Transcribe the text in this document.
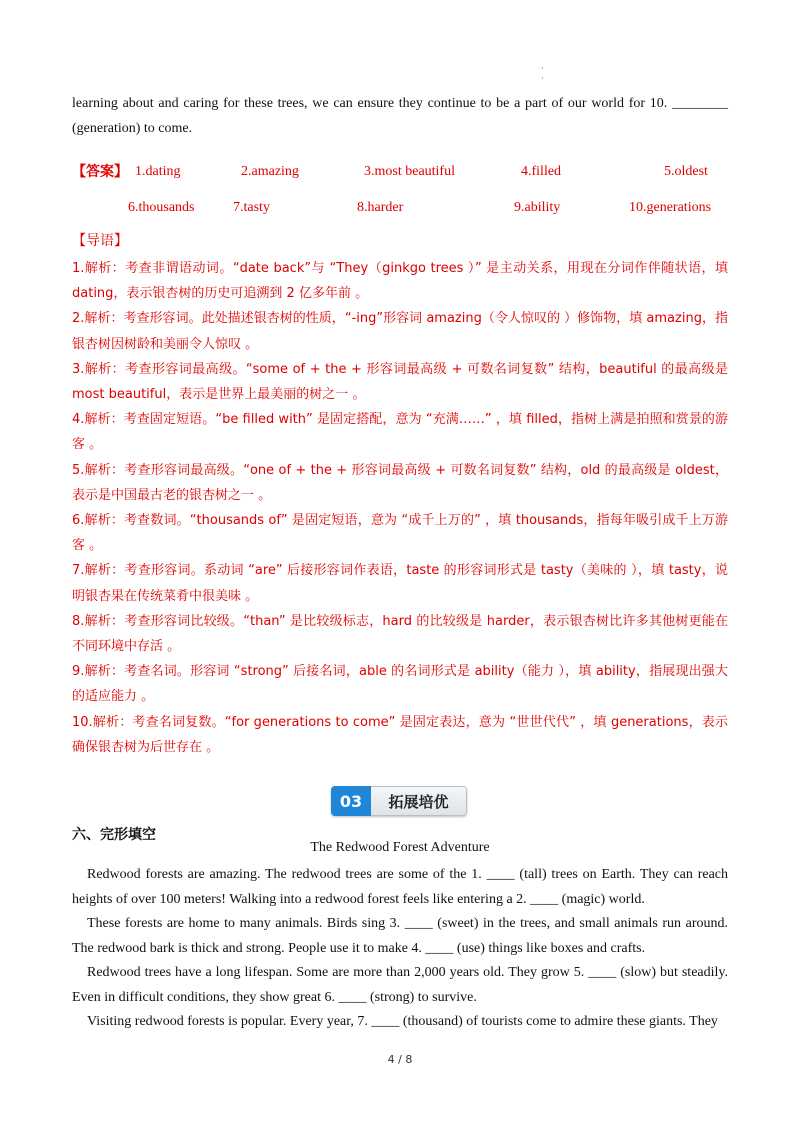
·
·
learning about and caring for these trees, we can ensure they continue to be a part of our world for 10. ________ (generation) to come.
【答案】 1.dating	2.amazing	3.most beautiful	4.filled	5.oldest
6.thousands	7.tasty	8.harder	9.ability	10.generations
【导语】

1.解析：考查非谓语动词。“date back”与 “They（ginkgo trees ）” 是主动关系，用现在分词作伴随状语，填 dating，表示银杏树的历史可追溯到 2 亿多年前 。

2.解析：考查形容词。此处描述银杏树的性质，“-ing”形容词 amazing（令人惊叹的 ）修饰物，填 amazing，指银杏树因树龄和美丽令人惊叹 。

3.解析：考查形容词最高级。“some of + the + 形容词最高级 + 可数名词复数” 结构，beautiful 的最高级是 most beautiful，表示是世界上最美丽的树之一 。

4.解析：考查固定短语。“be filled with” 是固定搭配，意为 “充满……” ，填 filled，指树上满是拍照和赏景的游客 。

5.解析：考查形容词最高级。“one of + the + 形容词最高级 + 可数名词复数” 结构，old 的最高级是 oldest，表示是中国最古老的银杏树之一 。

6.解析：考查数词。“thousands of” 是固定短语，意为 “成千上万的” ，填 thousands，指每年吸引成千上万游客 。

7.解析：考查形容词。系动词 “are” 后接形容词作表语，taste 的形容词形式是 tasty（美味的 ），填 tasty，说明银杏果在传统菜肴中很美味 。

8.解析：考查形容词比较级。“than” 是比较级标志，hard 的比较级是 harder，表示银杏树比许多其他树更能在不同环境中存活 。

9.解析：考查名词。形容词 “strong” 后接名词，able 的名词形式是 ability（能力 ），填 ability，指展现出强大的适应能力 。

10.解析：考查名词复数。“for generations to come” 是固定表达，意为 “世世代代” ，填 generations，表示确保银杏树为后世存在 。

03	拓展培优
六、完形填空
The Redwood Forest Adventure

Redwood forests are amazing. The redwood trees are some of the 1. ____ (tall) trees on Earth. They can reach heights of over 100 meters! Walking into a redwood forest feels like entering a 2. ____ (magic) world.

These forests are home to many animals. Birds sing 3. ____ (sweet) in the trees, and small animals run around. The redwood bark is thick and strong. People use it to make 4. ____ (use) things like boxes and crafts.

Redwood trees have a long lifespan. Some are more than 2,000 years old. They grow 5. ____ (slow) but steadily. Even in difficult conditions, they show great 6. ____ (strong) to survive.

Visiting redwood forests is popular. Every year, 7. ____ (thousand) of tourists come to admire these giants. They

4 / 8
